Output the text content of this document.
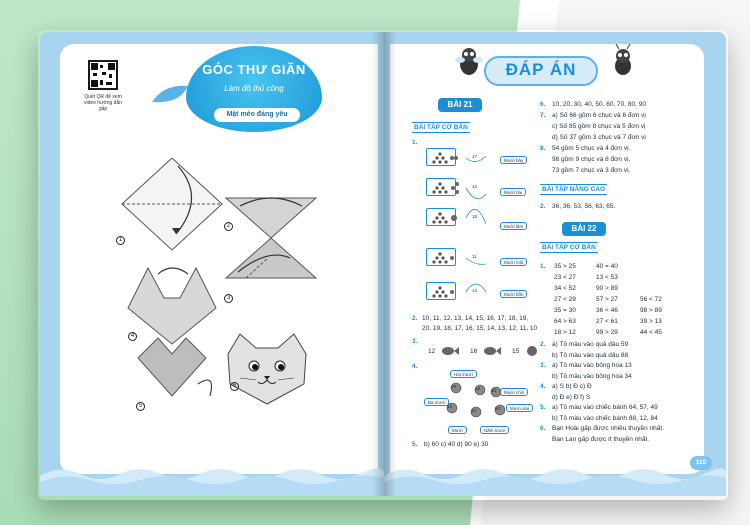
Quét QR để xem video hướng dẫn gấp
GÓC THƯ GIÃN
Làm đồ thủ công
Mặt mèo đáng yêu
1
2
3
4
5
6
ĐÁP ÁN
BÀI 21
BÀI TẬP CƠ BẢN
1.
Mười bảy
Mười hai
Mười lăm
Mười một
Mười bốn
17
12
15
11
14
2. 10, 11, 12, 13, 14, 15, 16, 17, 18, 19,
20, 19, 18, 17, 16, 15, 14, 13, 12, 11, 10
3.
12	16	15
4.
Hai mươi
Mười chín
Ba mươi
Mười sáu
Mười	Năm mươi
20	19 30
16
10	50
5. b) 60 c) 40 d) 90 e) 30
6. 10, 20, 30, 40, 50, 60, 70, 80, 90
7. a) Số 66 gồm 6 chục và 6 đơn vị
c) Số 85 gồm 8 chục và 5 đơn vị
d) Số 37 gồm 3 chục và 7 đơn vị
8. 54 gồm 5 chục và 4 đơn vị.
98 gồm 9 chục và 8 đơn vị.
73 gồm 7 chục và 3 đơn vị.
BÀI TẬP NÂNG CAO
2. 36, 36, 53, 56, 63, 65.
BÀI 22
BÀI TẬP CƠ BẢN
1. 35 > 25	40 = 40
23 < 27	13 < 53
34 < 52	90 > 89
27 < 29	57 > 27	56 < 72
35 = 30	36 < 46	98 > 89
64 > 63	27 < 61	39 > 13
18 > 12	99 > 29	44 < 45
2. a) Tô màu vào quả dâu 59
b) Tô màu vào quả dâu 88
3. a) Tô màu vào bông hoa 13
b) Tô màu vào bông hoa 34
4. a) S b) Đ c) Đ
d) Đ e) Đ f) S
5. a) Tô màu vào chiếc bánh 64, 57, 49
b) Tô màu vào chiếc bánh 88, 12, 84
6. Bạn Hoài gấp được nhiều thuyền nhất.
Bạn Lan gấp được ít thuyền nhất.
119
